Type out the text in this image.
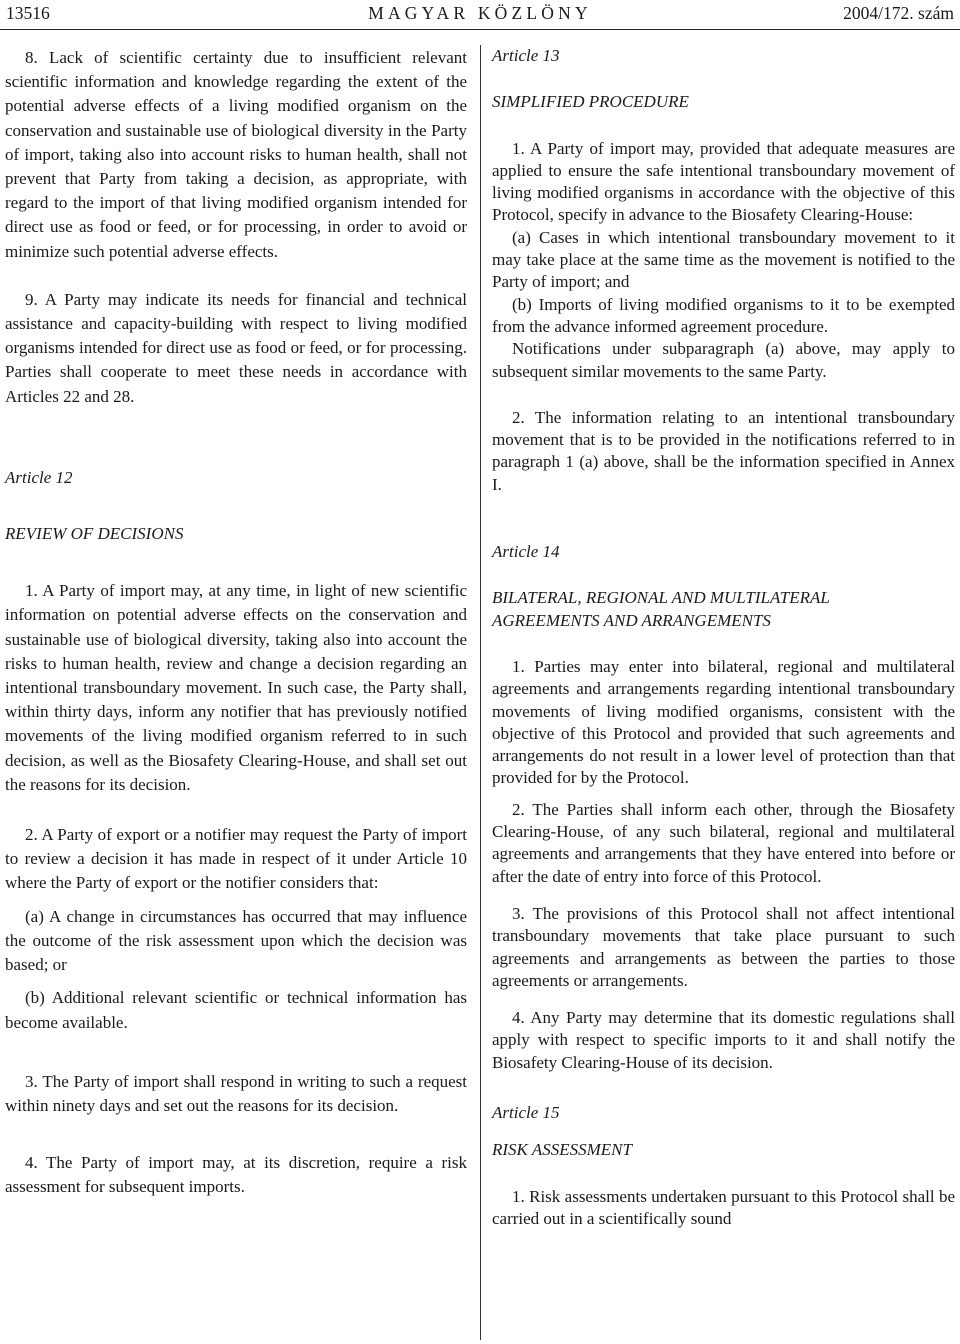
13516	MAGYAR KÖZLÖNY	2004/172. szám

8. Lack of scientific certainty due to insufficient relevant scientific information and knowledge regarding the extent of the potential adverse effects of a living modified organism on the conservation and sustainable use of biological diversity in the Party of import, taking also into account risks to human health, shall not prevent that Party from taking a decision, as appropriate, with regard to the import of that living modified organism intended for direct use as food or feed, or for processing, in order to avoid or minimize such potential adverse effects.

9. A Party may indicate its needs for financial and technical assistance and capacity-building with respect to living modified organisms intended for direct use as food or feed, or for processing. Parties shall cooperate to meet these needs in accordance with Articles 22 and 28.

Article 12

REVIEW OF DECISIONS

1. A Party of import may, at any time, in light of new scientific information on potential adverse effects on the conservation and sustainable use of biological diversity, taking also into account the risks to human health, review and change a decision regarding an intentional transboundary movement. In such case, the Party shall, within thirty days, inform any notifier that has previously notified movements of the living modified organism referred to in such decision, as well as the Biosafety Clearing-House, and shall set out the reasons for its decision.

2. A Party of export or a notifier may request the Party of import to review a decision it has made in respect of it under Article 10 where the Party of export or the notifier considers that:

(a) A change in circumstances has occurred that may influence the outcome of the risk assessment upon which the decision was based; or

(b) Additional relevant scientific or technical information has become available.

3. The Party of import shall respond in writing to such a request within ninety days and set out the reasons for its decision.

4. The Party of import may, at its discretion, require a risk assessment for subsequent imports.

Article 13

SIMPLIFIED PROCEDURE

1. A Party of import may, provided that adequate measures are applied to ensure the safe intentional transboundary movement of living modified organisms in accordance with the objective of this Protocol, specify in advance to the Biosafety Clearing-House:

(a) Cases in which intentional transboundary movement to it may take place at the same time as the movement is notified to the Party of import; and

(b) Imports of living modified organisms to it to be exempted from the advance informed agreement procedure.

Notifications under subparagraph (a) above, may apply to subsequent similar movements to the same Party.

2. The information relating to an intentional transboundary movement that is to be provided in the notifications referred to in paragraph 1 (a) above, shall be the information specified in Annex I.

Article 14

BILATERAL, REGIONAL AND MULTILATERAL

AGREEMENTS AND ARRANGEMENTS

1. Parties may enter into bilateral, regional and multilateral agreements and arrangements regarding intentional transboundary movements of living modified organisms, consistent with the objective of this Protocol and provided that such agreements and arrangements do not result in a lower level of protection than that provided for by the Protocol.

2. The Parties shall inform each other, through the Biosafety Clearing-House, of any such bilateral, regional and multilateral agreements and arrangements that they have entered into before or after the date of entry into force of this Protocol.

3. The provisions of this Protocol shall not affect intentional transboundary movements that take place pursuant to such agreements and arrangements as between the parties to those agreements or arrangements.

4. Any Party may determine that its domestic regulations shall apply with respect to specific imports to it and shall notify the Biosafety Clearing-House of its decision.

Article 15

RISK ASSESSMENT

1. Risk assessments undertaken pursuant to this Protocol shall be carried out in a scientifically sound
